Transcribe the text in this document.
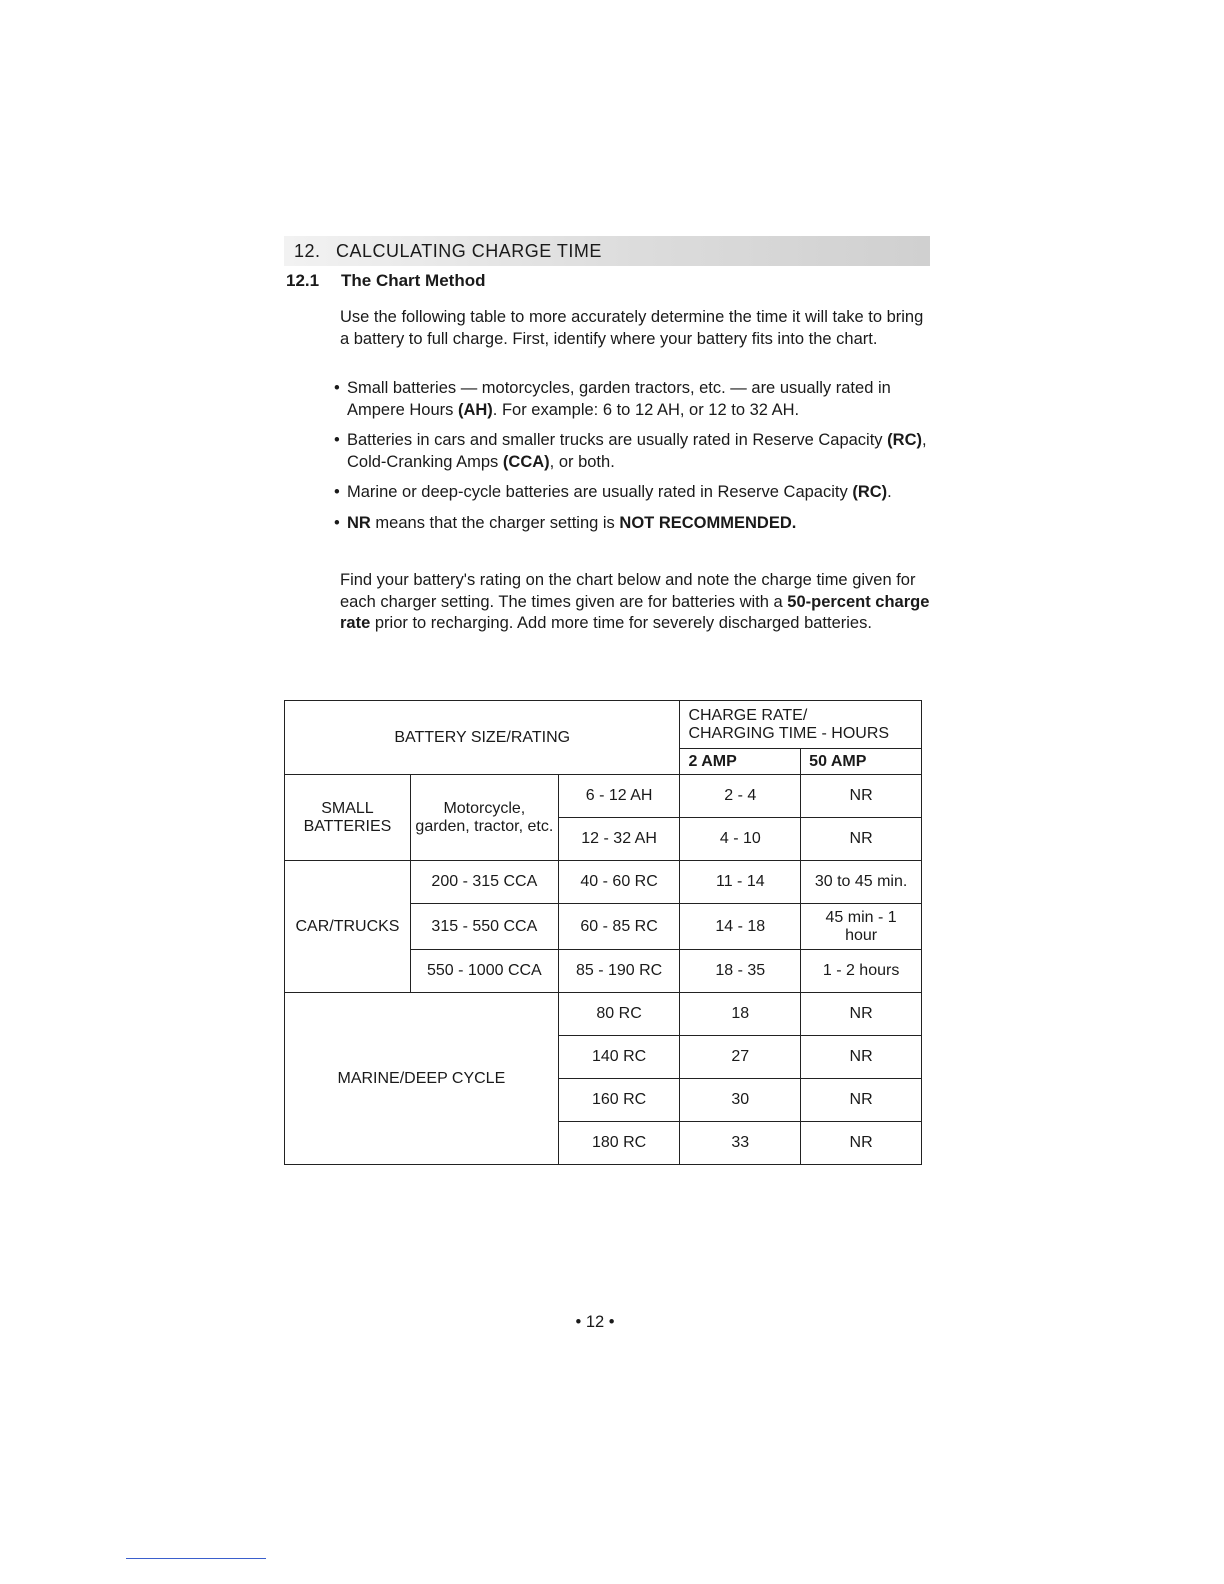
12. CALCULATING CHARGE TIME
12.1	The Chart Method
Use the following table to more accurately determine the time it will take to bring a battery to full charge. First, identify where your battery fits into the chart.
• Small batteries — motorcycles, garden tractors, etc. — are usually rated in Ampere Hours (AH). For example: 6 to 12 AH, or 12 to 32 AH.
• Batteries in cars and smaller trucks are usually rated in Reserve Capacity (RC), Cold-Cranking Amps (CCA), or both.
• Marine or deep-cycle batteries are usually rated in Reserve Capacity (RC).
• NR means that the charger setting is NOT RECOMMENDED.
Find your battery's rating on the chart below and note the charge time given for each charger setting. The times given are for batteries with a 50-percent charge rate prior to recharging. Add more time for severely discharged batteries.
BATTERY SIZE/RATING			CHARGE RATE/
CHARGING TIME - HOURS	

			2 AMP	50 AMP
SMALL BATTERIES	Motorcycle, garden, tractor, etc.	6 - 12 AH	2 - 4	NR
		12 - 32 AH	4 - 10	NR
CAR/TRUCKS	200 - 315 CCA	40 - 60 RC	11 - 14	30 to 45 min.
	315 - 550 CCA	60 - 85 RC	14 - 18	45 min - 1 hour
	550 - 1000 CCA	85 - 190 RC	18 - 35	1 - 2 hours
MARINE/DEEP CYCLE		80 RC	18	NR
		140 RC	27	NR
		160 RC	30	NR
		180 RC	33	NR
• 12 •
